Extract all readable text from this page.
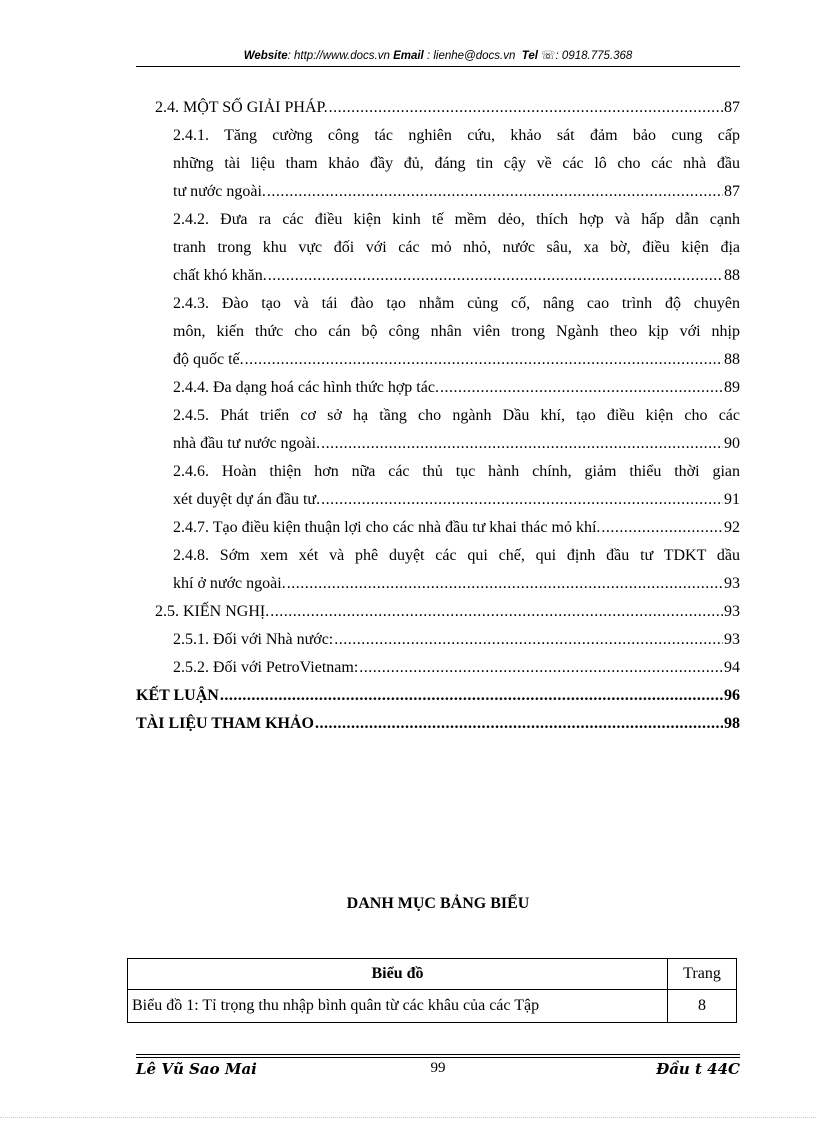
Website: http://www.docs.vn Email : lienhe@docs.vn Tel ☏: 0918.775.368
2.4. MỘT SỐ GIẢI PHÁP. .....	87
2.4.1. Tăng cường công tác nghiên cứu, khảo sát đảm bảo cung cấp
những tài liệu tham khảo đầy đủ, đáng tin cậy về các lô cho các nhà đầu
tư nước ngoài. .....	87
2.4.2. Đưa ra các điều kiện kinh tế mềm dẻo, thích hợp và hấp dẫn cạnh
tranh trong khu vực đối với các mỏ nhỏ, nước sâu, xa bờ, điều kiện địa
chất khó khăn. .....	88
2.4.3. Đào tạo và tái đào tạo nhằm củng cố, nâng cao trình độ chuyên
môn, kiến thức cho cán bộ công nhân viên trong Ngành theo kịp với nhịp
độ quốc tế. .....	88
2.4.4. Đa dạng hoá các hình thức hợp tác. .....	89
2.4.5. Phát triển cơ sở hạ tầng cho ngành Dầu khí, tạo điều kiện cho các
nhà đầu tư nước ngoài. .....	90
2.4.6. Hoàn thiện hơn nữa các thủ tục hành chính, giảm thiểu thời gian
xét duyệt dự án đầu tư. .....	91
2.4.7. Tạo điều kiện thuận lợi cho các nhà đầu tư khai thác mỏ khí. .....	92
2.4.8. Sớm xem xét và phê duyệt các qui chế, qui định đầu tư TDKT dầu
khí ở nước ngoài. .....	93
2.5. KIẾN NGHỊ. .....	93
2.5.1. Đối với Nhà nước: .....	93
2.5.2. Đối với PetroVietnam: .....	94
KẾT LUẬN .....	96
TÀI LIỆU THAM KHẢO .....	98
DANH MỤC BẢNG BIỂU
Biểu đồ	Trang
Biểu đồ 1: Tỉ trọng thu nhập bình quân từ các khâu của các Tập	8
Lê Vũ Sao Mai	99	Đầu t 44C
